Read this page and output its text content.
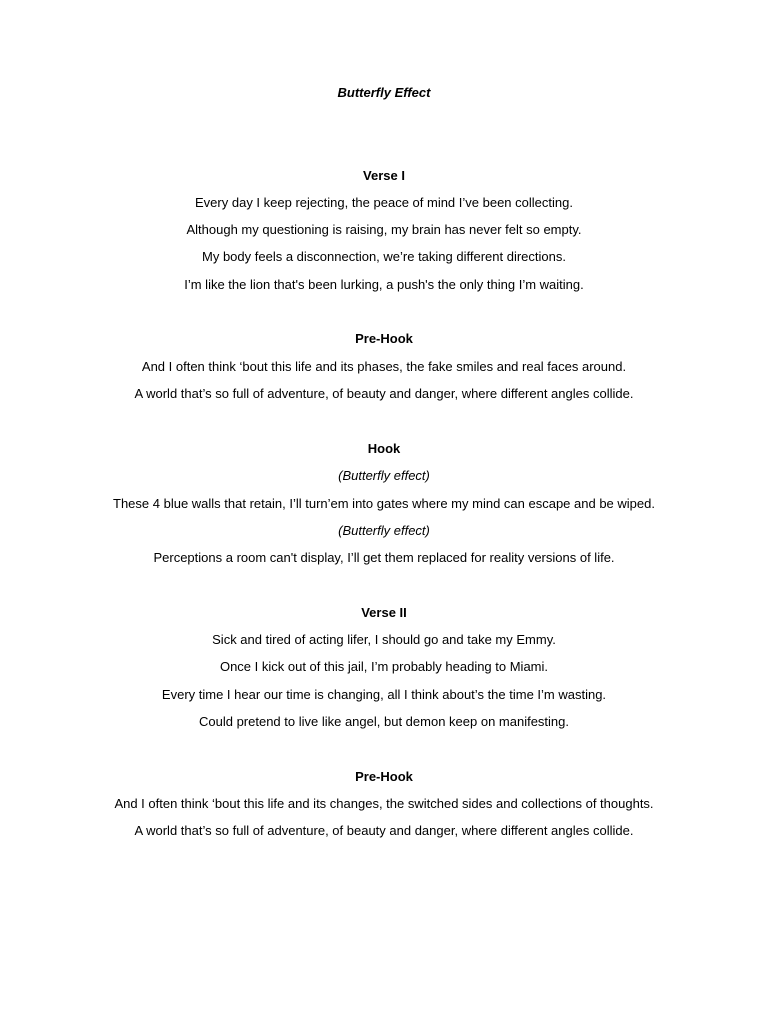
Butterfly Effect
Verse I
Every day I keep rejecting, the peace of mind I’ve been collecting.
Although my questioning is raising, my brain has never felt so empty.
My body feels a disconnection, we’re taking different directions.
I’m like the lion that's been lurking, a push's the only thing I’m waiting.
Pre-Hook
And I often think ‘bout this life and its phases, the fake smiles and real faces around.
A world that’s so full of adventure, of beauty and danger, where different angles collide.
Hook
(Butterfly effect)
These 4 blue walls that retain, I’ll turn’em into gates where my mind can escape and be wiped.
(Butterfly effect)
Perceptions a room can't display, I’ll get them replaced for reality versions of life.
Verse II
Sick and tired of acting lifer, I should go and take my Emmy.
Once I kick out of this jail, I’m probably heading to Miami.
Every time I hear our time is changing, all I think about’s the time I’m wasting.
Could pretend to live like angel, but demon keep on manifesting.
Pre-Hook
And I often think ‘bout this life and its changes, the switched sides and collections of thoughts.
A world that’s so full of adventure, of beauty and danger, where different angles collide.
